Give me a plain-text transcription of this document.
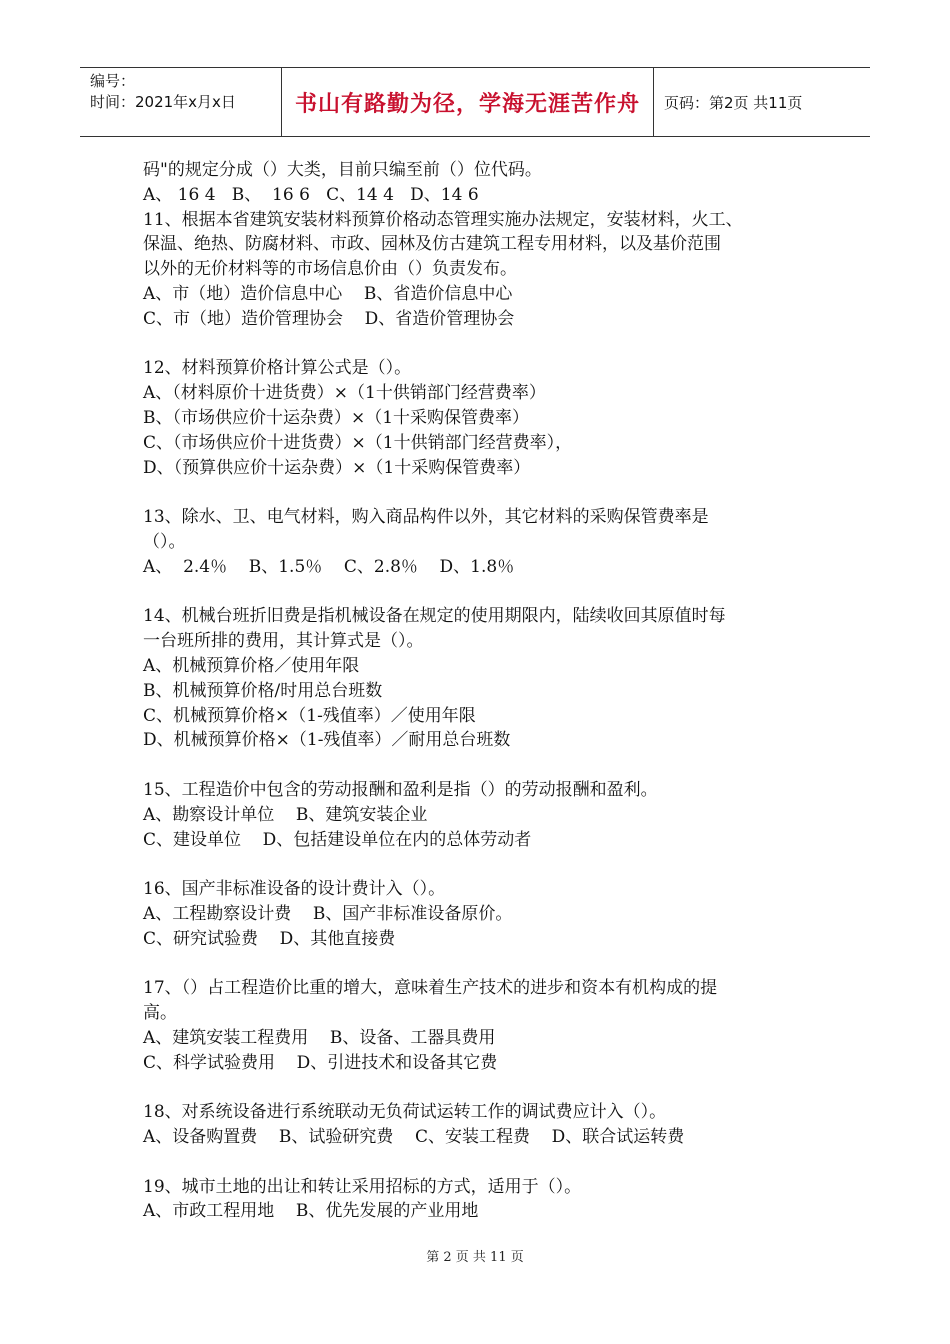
编号：
时间：2021年x月x日	书山有路勤为径，学海无涯苦作舟 页码：第2页 共11页
码"的规定分成（）大类，目前只编至前（）位代码。
A、 16 4   B、  16 6   C、14 4   D、14 6
11、根据本省建筑安装材料预算价格动态管理实施办法规定，安装材料，火工、
保温、绝热、防腐材料、市政、园林及仿古建筑工程专用材料，以及基价范围
以外的无价材料等的市场信息价由（）负责发布。
A、市（地）造价信息中心    B、省造价信息中心
C、市（地）造价管理协会    D、省造价管理协会
12、材料预算价格计算公式是（）。
A、（材料原价十进货费）×（1十供销部门经营费率）
B、（市场供应价十运杂费）×（1十采购保管费率）
C、（市场供应价十进货费）×（1十供销部门经营费率），
D、（预算供应价十运杂费）×（1十采购保管费率）
13、除水、卫、电气材料，购入商品构件以外，其它材料的采购保管费率是
（）。
A、  2.4％    B、1.5％    C、2.8％    D、1.8％
14、机械台班折旧费是指机械设备在规定的使用期限内，陆续收回其原值时每
一台班所排的费用，其计算式是（）。
A、机械预算价格／使用年限
B、机械预算价格/时用总台班数
C、机械预算价格×（1-残值率）／使用年限
D、机械预算价格×（1-残值率）／耐用总台班数
15、工程造价中包含的劳动报酬和盈利是指（）的劳动报酬和盈利。
A、勘察设计单位    B、建筑安装企业
C、建设单位    D、包括建设单位在内的总体劳动者
16、国产非标准设备的设计费计入（）。
A、工程勘察设计费    B、国产非标准设备原价。
C、研究试验费    D、其他直接费
17、（）占工程造价比重的增大，意味着生产技术的进步和资本有机构成的提
高。
A、建筑安装工程费用    B、设备、工器具费用
C、科学试验费用    D、引进技术和设备其它费
18、对系统设备进行系统联动无负荷试运转工作的调试费应计入（）。
A、设备购置费    B、试验研究费    C、安装工程费    D、联合试运转费
19、城市土地的出让和转让采用招标的方式，适用于（）。
A、市政工程用地    B、优先发展的产业用地
第 2 页 共 11 页
